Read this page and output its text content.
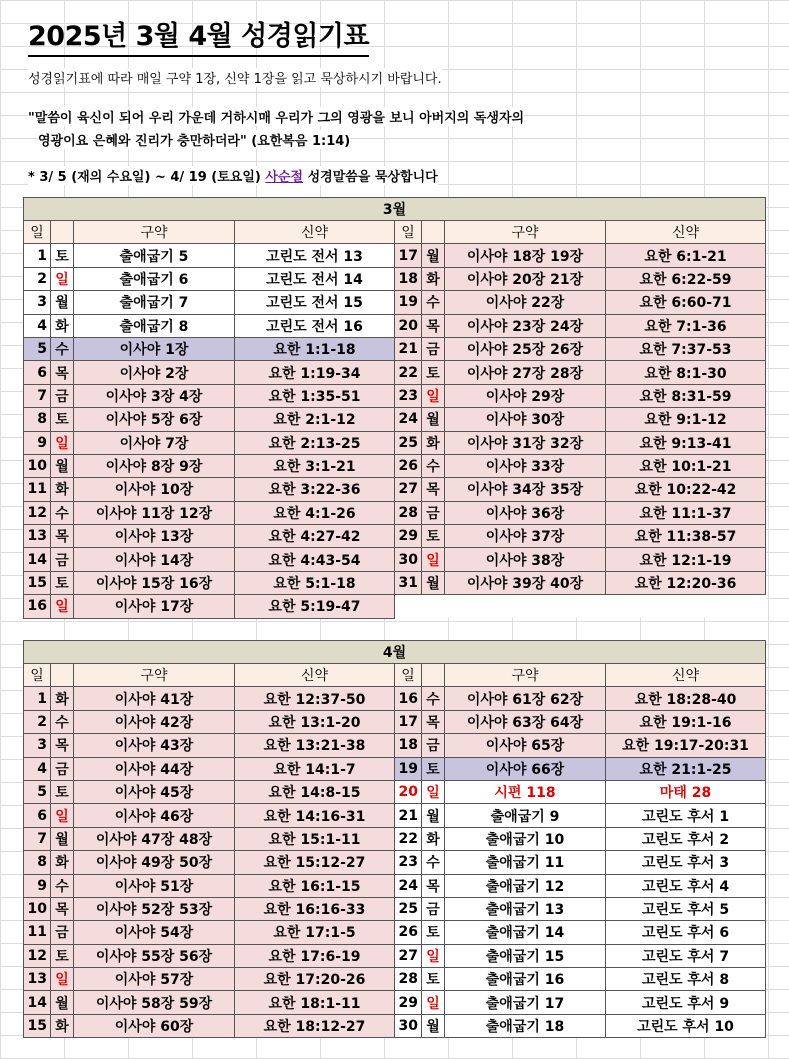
2025년 3월 4월 성경읽기표
성경읽기표에 따라 매일 구약 1장, 신약 1장을 읽고 묵상하시기 바랍니다.
"말씀이 육신이 되어 우리 가운데 거하시매 우리가 그의 영광을 보니 아버지의 독생자의
영광이요 은혜와 진리가 충만하더라" (요한복음 1:14)
* 3/ 5 (재의 수요일) ~ 4/ 19 (토요일) 사순절 성경말씀을 묵상합니다
3월							
일		구약	신약	일		구약	신약
1	토	출애굽기 5	고린도 전서 13	17	월	이사야 18장 19장	요한 6:1-21
2	일	출애굽기 6	고린도 전서 14	18	화	이사야 20장 21장	요한 6:22-59
3	월	출애굽기 7	고린도 전서 15	19	수	이사야 22장	요한 6:60-71
4	화	출애굽기 8	고린도 전서 16	20	목	이사야 23장 24장	요한 7:1-36
5	수	이사야 1장	요한 1:1-18	21	금	이사야 25장 26장	요한 7:37-53
6	목	이사야 2장	요한 1:19-34	22	토	이사야 27장 28장	요한 8:1-30
7	금	이사야 3장 4장	요한 1:35-51	23	일	이사야 29장	요한 8:31-59
8	토	이사야 5장 6장	요한 2:1-12	24	월	이사야 30장	요한 9:1-12
9	일	이사야 7장	요한 2:13-25	25	화	이사야 31장 32장	요한 9:13-41
10	월	이사야 8장 9장	요한 3:1-21	26	수	이사야 33장	요한 10:1-21
11	화	이사야 10장	요한 3:22-36	27	목	이사야 34장 35장	요한 10:22-42
12	수	이사야 11장 12장	요한 4:1-26	28	금	이사야 36장	요한 11:1-37
13	목	이사야 13장	요한 4:27-42	29	토	이사야 37장	요한 11:38-57
14	금	이사야 14장	요한 4:43-54	30	일	이사야 38장	요한 12:1-19
15	토	이사야 15장 16장	요한 5:1-18	31	월	이사야 39장 40장	요한 12:20-36
16	일	이사야 17장	요한 5:19-47				
4월							
일		구약	신약	일		구약	신약
1	화	이사야 41장	요한 12:37-50	16	수	이사야 61장 62장	요한 18:28-40
2	수	이사야 42장	요한 13:1-20	17	목	이사야 63장 64장	요한 19:1-16
3	목	이사야 43장	요한 13:21-38	18	금	이사야 65장	요한 19:17-20:31
4	금	이사야 44장	요한 14:1-7	19	토	이사야 66장	요한 21:1-25
5	토	이사야 45장	요한 14:8-15	20	일	시편 118	마태 28
6	일	이사야 46장	요한 14:16-31	21	월	출애굽기 9	고린도 후서 1
7	월	이사야 47장 48장	요한 15:1-11	22	화	출애굽기 10	고린도 후서 2
8	화	이사야 49장 50장	요한 15:12-27	23	수	출애굽기 11	고린도 후서 3
9	수	이사야 51장	요한 16:1-15	24	목	출애굽기 12	고린도 후서 4
10	목	이사야 52장 53장	요한 16:16-33	25	금	출애굽기 13	고린도 후서 5
11	금	이사야 54장	요한 17:1-5	26	토	출애굽기 14	고린도 후서 6
12	토	이사야 55장 56장	요한 17:6-19	27	일	출애굽기 15	고린도 후서 7
13	일	이사야 57장	요한 17:20-26	28	토	출애굽기 16	고린도 후서 8
14	월	이사야 58장 59장	요한 18:1-11	29	일	출애굽기 17	고린도 후서 9
15	화	이사야 60장	요한 18:12-27	30	월	출애굽기 18	고린도 후서 10
